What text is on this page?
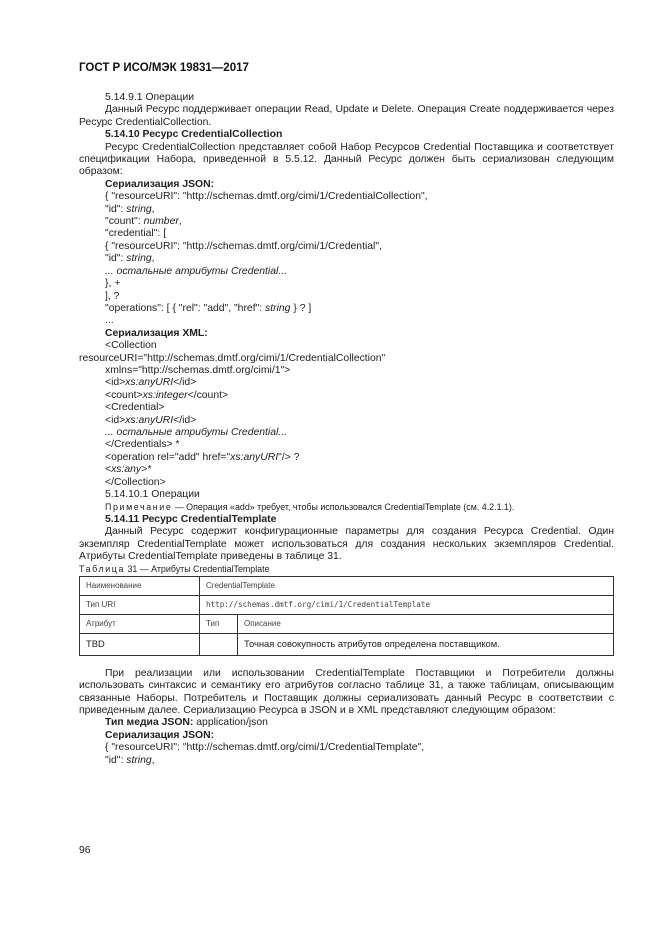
ГОСТ Р ИСО/МЭК 19831—2017
5.14.9.1 Операции

Данный Ресурс поддерживает операции Read, Update и Delete. Операция Create поддерживается через Ресурс CredentialCollection.

5.14.10 Ресурс CredentialCollection

Ресурс CredentialCollection представляет собой Набор Ресурсов Credential Поставщика и соответствует спецификации Набора, приведенной в 5.5.12. Данный Ресурс должен быть сериализован следующим образом:

Сериализация JSON:
{ "resourceURI": "http://schemas.dmtf.org/cimi/1/CredentialCollection",
"id": string,
"count": number,
"credential": [
{ "resourceURI": "http://schemas.dmtf.org/cimi/1/Credential",
"id": string,
... остальные атрибуты Credential...
}, +
], ?
"operations": [ { "rel": "add", "href": string } ? ]
...
Сериализация XML:
<Collection
resourceURI="http://schemas.dmtf.org/cimi/1/CredentialCollection"
xmlns="http://schemas.dmtf.org/cimi/1">
<id>xs:anyURI</id>
<count>xs:integer</count>
<Credential>
<id>xs:anyURI</id>
... остальные атрибуты Credential...
</Credentials> *
<operation rel="add" href="xs:anyURI"/> ?
<xs:any>*
</Collection>
5.14.10.1 Операции
Примечание — Операция «add» требует, чтобы использовался CredentialTemplate (см. 4.2.1.1).
5.14.11 Ресурс CredentialTemplate

Данный Ресурс содержит конфигурационные параметры для создания Ресурса Credential. Один экземпляр CredentialTemplate может использоваться для создания нескольких экземпляров Credential. Атрибуты CredentialTemplate приведены в таблице 31.

Таблица 31 — Атрибуты CredentialTemplate
Наименование	CredentialTemplate	
Тип URI	http://schemas.dmtf.org/cimi/1/CredentialTemplate	
Атрибут	Тип	Описание
TBD		Точная совокупность атрибутов определена поставщиком.

При реализации или использовании CredentialTemplate Поставщики и Потребители должны использовать синтаксис и семантику его атрибутов согласно таблице 31, а также таблицам, описывающим связанные Наборы. Потребитель и Поставщик должны сериализовать данный Ресурс в соответствии с приведенным далее. Сериализацию Ресурса в JSON и в XML представляют следующим образом:

Тип медиа JSON: application/json
Сериализация JSON:
{ "resourceURI": "http://schemas.dmtf.org/cimi/1/CredentialTemplate",
"id": string,
96
